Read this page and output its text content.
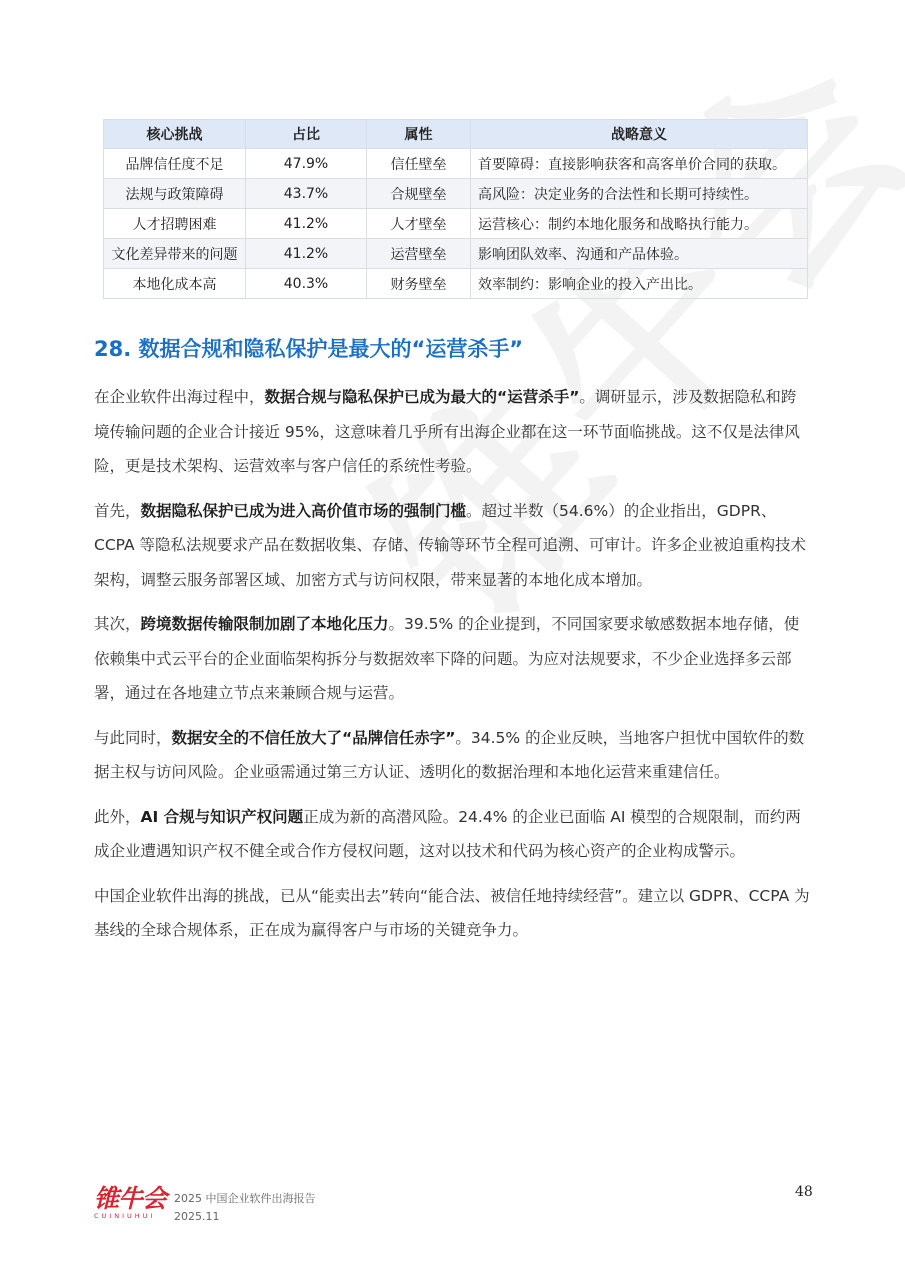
核心挑战	占比	属性	战略意义
品牌信任度不足	47.9%	信任壁垒	首要障碍：直接影响获客和高客单价合同的获取。
法规与政策障碍	43.7%	合规壁垒	高风险：决定业务的合法性和长期可持续性。
人才招聘困难	41.2%	人才壁垒	运营核心：制约本地化服务和战略执行能力。
文化差异带来的问题	41.2%	运营壁垒	影响团队效率、沟通和产品体验。
本地化成本高	40.3%	财务壁垒	效率制约：影响企业的投入产出比。
28. 数据合规和隐私保护是最大的“运营杀手”

在企业软件出海过程中，数据合规与隐私保护已成为最大的“运营杀手”。调研显示，涉及数据隐私和跨境传输问题的企业合计接近 95%，这意味着几乎所有出海企业都在这一环节面临挑战。这不仅是法律风险，更是技术架构、运营效率与客户信任的系统性考验。

首先，数据隐私保护已成为进入高价值市场的强制门槛。超过半数（54.6%）的企业指出，GDPR、CCPA 等隐私法规要求产品在数据收集、存储、传输等环节全程可追溯、可审计。许多企业被迫重构技术架构，调整云服务部署区域、加密方式与访问权限，带来显著的本地化成本增加。

其次，跨境数据传输限制加剧了本地化压力。39.5% 的企业提到，不同国家要求敏感数据本地存储，使依赖集中式云平台的企业面临架构拆分与数据效率下降的问题。为应对法规要求，不少企业选择多云部署，通过在各地建立节点来兼顾合规与运营。

与此同时，数据安全的不信任放大了“品牌信任赤字”。34.5% 的企业反映，当地客户担忧中国软件的数据主权与访问风险。企业亟需通过第三方认证、透明化的数据治理和本地化运营来重建信任。

此外，AI 合规与知识产权问题正成为新的高潜风险。24.4% 的企业已面临 AI 模型的合规限制，而约两成企业遭遇知识产权不健全或合作方侵权问题，这对以技术和代码为核心资产的企业构成警示。

中国企业软件出海的挑战，已从“能卖出去”转向“能合法、被信任地持续经营”。建立以 GDPR、CCPA 为基线的全球合规体系，正在成为赢得客户与市场的关键竞争力。

锥牛会
CUINIUHUI
2025 中国企业软件出海报告
2025.11
48
